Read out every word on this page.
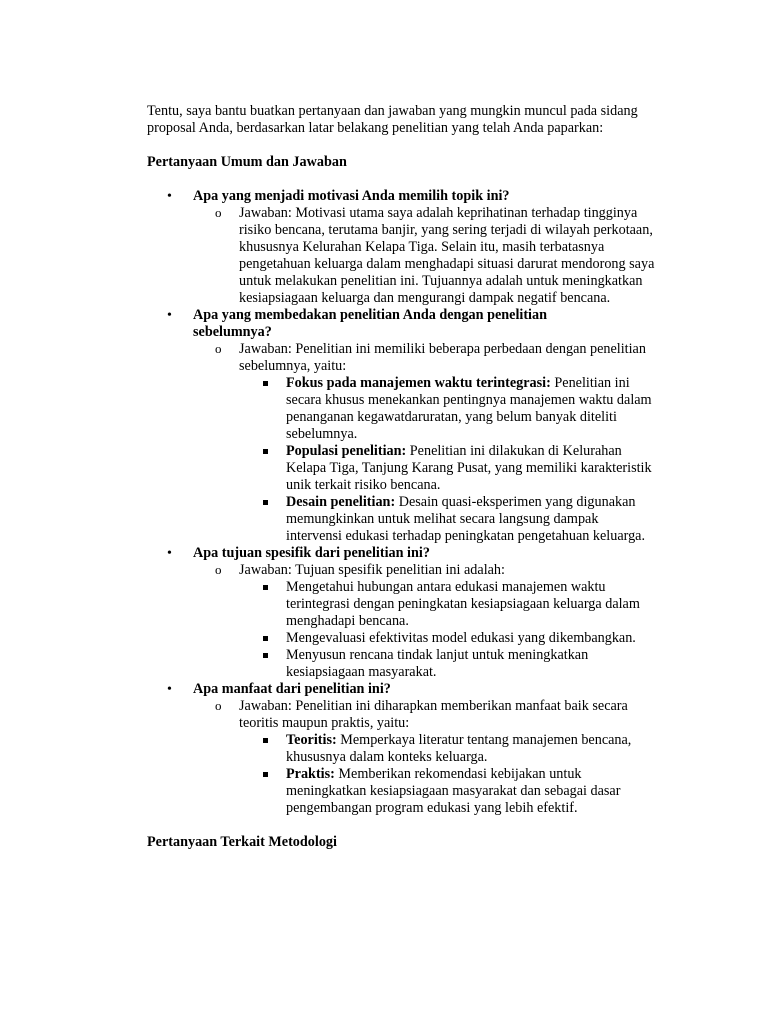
Tentu, saya bantu buatkan pertanyaan dan jawaban yang mungkin muncul pada sidang proposal Anda, berdasarkan latar belakang penelitian yang telah Anda paparkan:

Pertanyaan Umum dan Jawaban

• Apa yang menjadi motivasi Anda memilih topik ini?
o Jawaban: Motivasi utama saya adalah keprihatinan terhadap tingginya risiko bencana, terutama banjir, yang sering terjadi di wilayah perkotaan, khususnya Kelurahan Kelapa Tiga. Selain itu, masih terbatasnya pengetahuan keluarga dalam menghadapi situasi darurat mendorong saya untuk melakukan penelitian ini. Tujuannya adalah untuk meningkatkan kesiapsiagaan keluarga dan mengurangi dampak negatif bencana.
• Apa yang membedakan penelitian Anda dengan penelitian sebelumnya?
o Jawaban: Penelitian ini memiliki beberapa perbedaan dengan penelitian sebelumnya, yaitu:
Fokus pada manajemen waktu terintegrasi: Penelitian ini secara khusus menekankan pentingnya manajemen waktu dalam penanganan kegawatdaruratan, yang belum banyak diteliti sebelumnya.
Populasi penelitian: Penelitian ini dilakukan di Kelurahan Kelapa Tiga, Tanjung Karang Pusat, yang memiliki karakteristik unik terkait risiko bencana.
Desain penelitian: Desain quasi-eksperimen yang digunakan memungkinkan untuk melihat secara langsung dampak intervensi edukasi terhadap peningkatan pengetahuan keluarga.
• Apa tujuan spesifik dari penelitian ini?
o Jawaban: Tujuan spesifik penelitian ini adalah:
Mengetahui hubungan antara edukasi manajemen waktu terintegrasi dengan peningkatan kesiapsiagaan keluarga dalam menghadapi bencana.
Mengevaluasi efektivitas model edukasi yang dikembangkan.
Menyusun rencana tindak lanjut untuk meningkatkan kesiapsiagaan masyarakat.
• Apa manfaat dari penelitian ini?
o Jawaban: Penelitian ini diharapkan memberikan manfaat baik secara teoritis maupun praktis, yaitu:
Teoritis: Memperkaya literatur tentang manajemen bencana, khususnya dalam konteks keluarga.
Praktis: Memberikan rekomendasi kebijakan untuk meningkatkan kesiapsiagaan masyarakat dan sebagai dasar pengembangan program edukasi yang lebih efektif.

Pertanyaan Terkait Metodologi
